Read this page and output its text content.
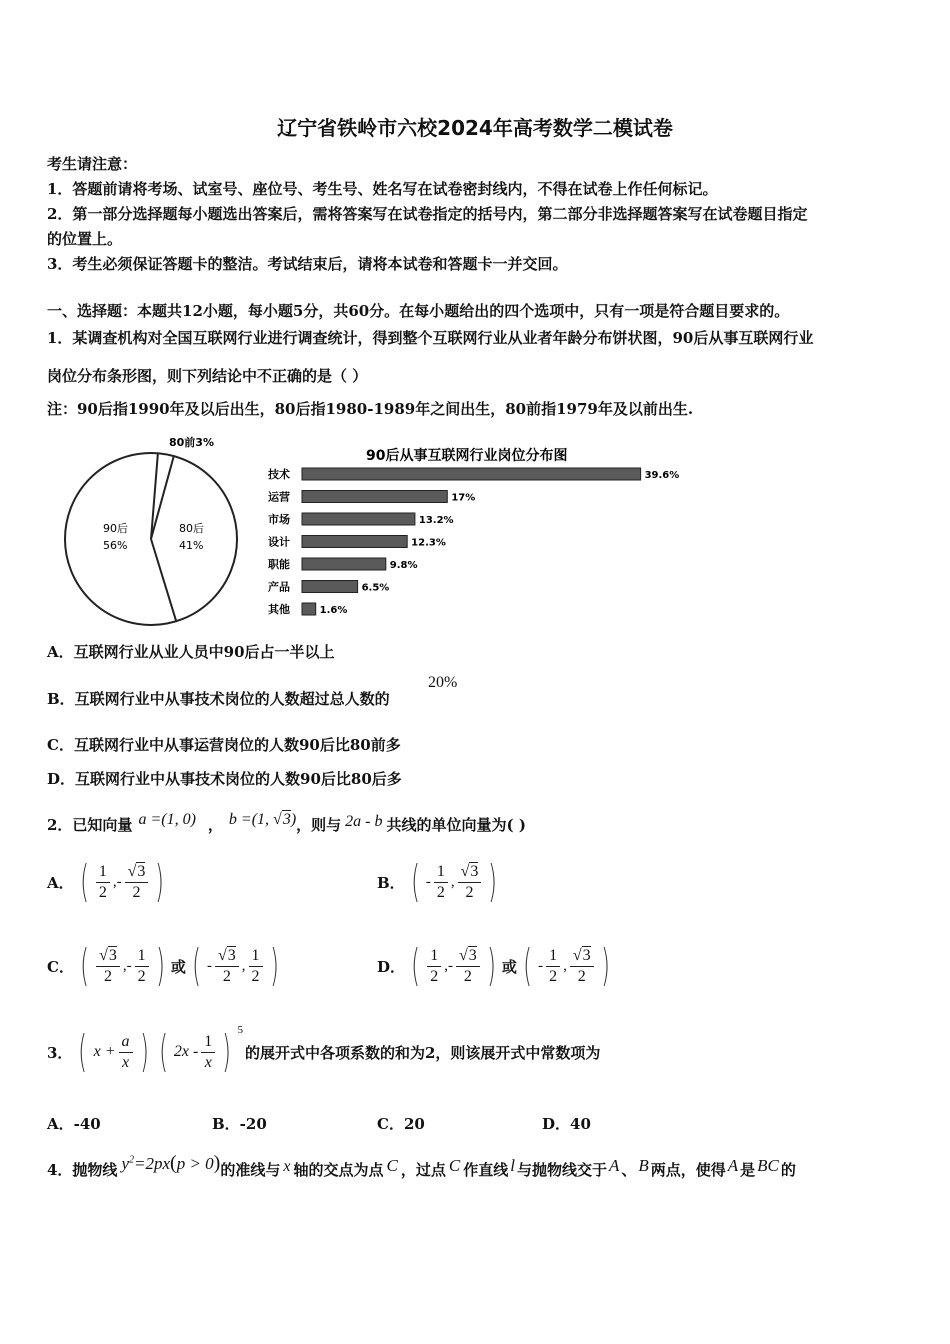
辽宁省铁岭市六校2024年高考数学二模试卷
考生请注意：
1．答题前请将考场、试室号、座位号、考生号、姓名写在试卷密封线内，不得在试卷上作任何标记。
2．第一部分选择题每小题选出答案后，需将答案写在试卷指定的括号内，第二部分非选择题答案写在试卷题目指定
的位置上。
3．考生必须保证答题卡的整洁。考试结束后，请将本试卷和答题卡一并交回。
一、选择题：本题共12小题，每小题5分，共60分。在每小题给出的四个选项中，只有一项是符合题目要求的。
1．某调查机构对全国互联网行业进行调查统计，得到整个互联网行业从业者年龄分布饼状图，90后从事互联网行业
岗位分布条形图，则下列结论中不正确的是（ ）
注：90后指1990年及以后出生，80后指1980-1989年之间出生，80前指1979年及以前出生.
90后
56%
80后
41%
80前3%
90后从事互联网行业岗位分布图
技术	39.6%
运营	17%
市场	13.2%
设计	12.3%
职能	9.8%
产品	6.5%
其他	1.6%
A．互联网行业从业人员中90后占一半以上
B．互联网行业中从事技术岗位的人数超过总人数的
20%
C．互联网行业中从事运营岗位的人数90后比80前多
D．互联网行业中从事技术岗位的人数90后比80后多
2．已知向量 a =(1, 0) ， b =(1, √3) ，则与 2a - b 共线的单位向量为( )
A． ( $\frac{1}{2}$ ,- $\frac{√3}{2}$ )	B． ( - $\frac{1}{2}$ , $\frac{√3}{2}$ )
C． ( $\frac{√3}{2}$ ,- $\frac{1}{2}$ ) 或 ( - $\frac{√3}{2}$ , $\frac{1}{2}$ )	D． ( $\frac{1}{2}$ ,- $\frac{√3}{2}$ ) 或 ( - $\frac{1}{2}$ , $\frac{√3}{2}$ )
3． ( $x + \frac{a}{x}$ ) ( $2x - \frac{1}{x}$ ) 5
的展开式中各项系数的和为2，则该展开式中常数项为
A．-40	B．-20	C．20	D．40
4．抛物线 $y^2=2px(p > 0)$ 的准线与 x 轴的交点为点 C ，过点 C 作直线 l 与抛物线交于 A 、 B 两点，使得 A 是 BC 的
